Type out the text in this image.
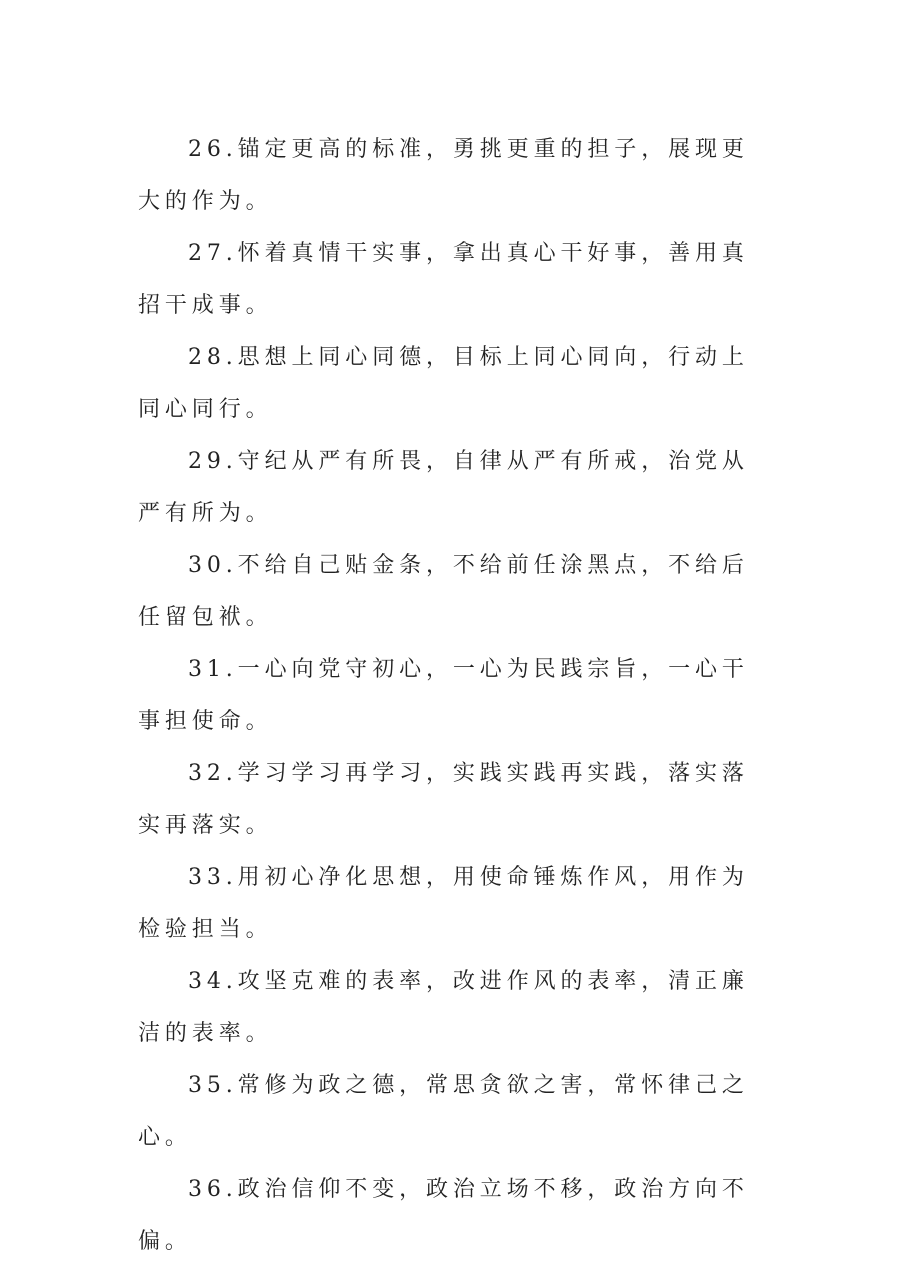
26.锚定更高的标准，勇挑更重的担子，展现更大的作为。

27.怀着真情干实事，拿出真心干好事，善用真招干成事。

28.思想上同心同德，目标上同心同向，行动上同心同行。

29.守纪从严有所畏，自律从严有所戒，治党从严有所为。

30.不给自己贴金条，不给前任涂黑点，不给后任留包袱。

31.一心向党守初心，一心为民践宗旨，一心干事担使命。

32.学习学习再学习，实践实践再实践，落实落实再落实。

33.用初心净化思想，用使命锤炼作风，用作为检验担当。

34.攻坚克难的表率，改进作风的表率，清正廉洁的表率。

35.常修为政之德，常思贪欲之害，常怀律己之心。

36.政治信仰不变，政治立场不移，政治方向不偏。
